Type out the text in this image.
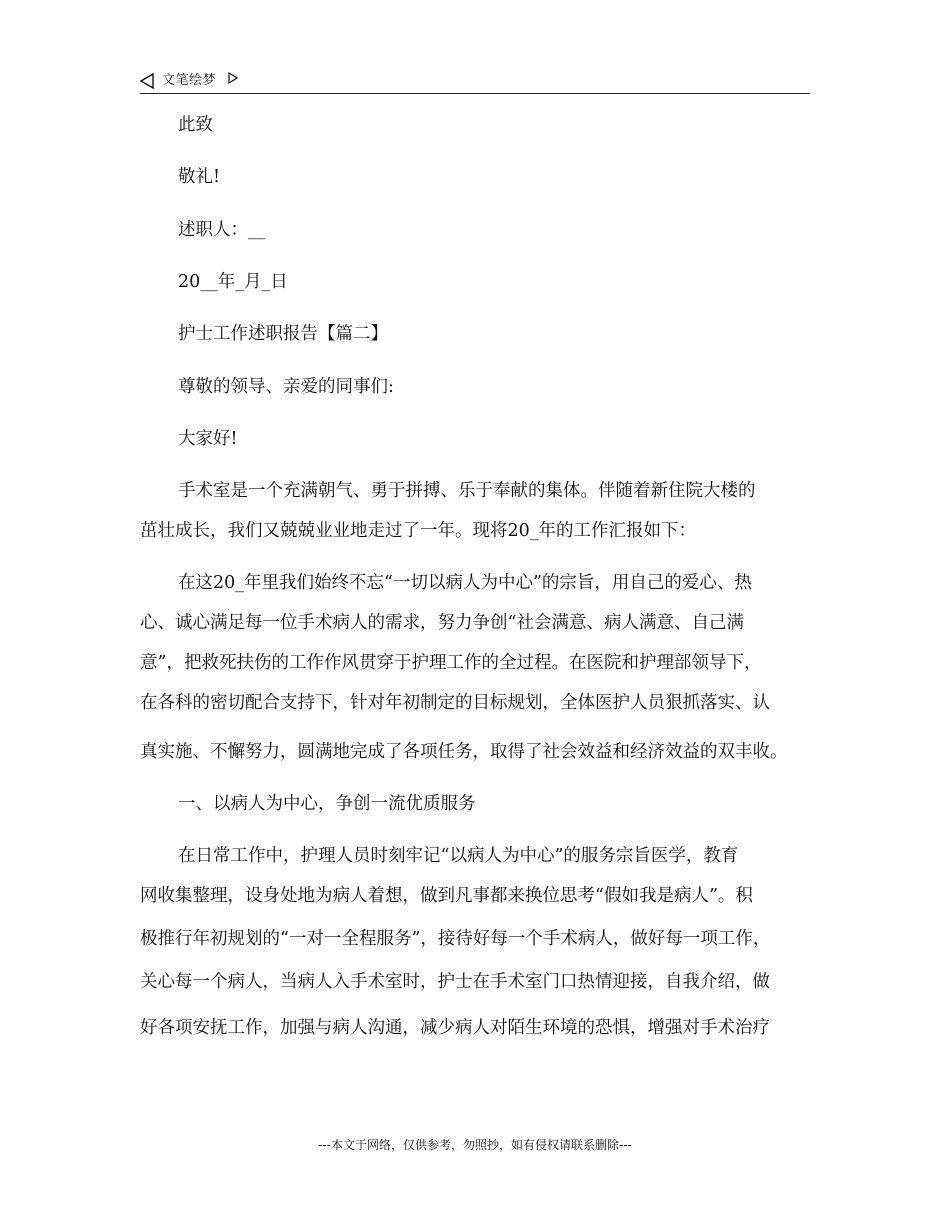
文笔绘梦
此致
敬礼!
述职人：__
20__年_月_日
护士工作述职报告【篇二】
尊敬的领导、亲爱的同事们:
大家好!
手术室是一个充满朝气、勇于拼搏、乐于奉献的集体。伴随着新住院大楼的
茁壮成长，我们又兢兢业业地走过了一年。现将20_年的工作汇报如下：
在这20_年里我们始终不忘“一切以病人为中心”的宗旨，用自己的爱心、热
心、诚心满足每一位手术病人的需求，努力争创“社会满意、病人满意、自己满
意”，把救死扶伤的工作作风贯穿于护理工作的全过程。在医院和护理部领导下，
在各科的密切配合支持下，针对年初制定的目标规划，全体医护人员狠抓落实、认
真实施、不懈努力，圆满地完成了各项任务，取得了社会效益和经济效益的双丰收。
一、以病人为中心，争创一流优质服务
在日常工作中，护理人员时刻牢记“以病人为中心”的服务宗旨医学，教育
网收集整理，设身处地为病人着想，做到凡事都来换位思考“假如我是病人”。积
极推行年初规划的“一对一全程服务”，接待好每一个手术病人，做好每一项工作，
关心每一个病人，当病人入手术室时，护士在手术室门口热情迎接，自我介绍，做
好各项安抚工作，加强与病人沟通，减少病人对陌生环境的恐惧，增强对手术治疗
---本文于网络，仅供参考，勿照抄，如有侵权请联系删除---
